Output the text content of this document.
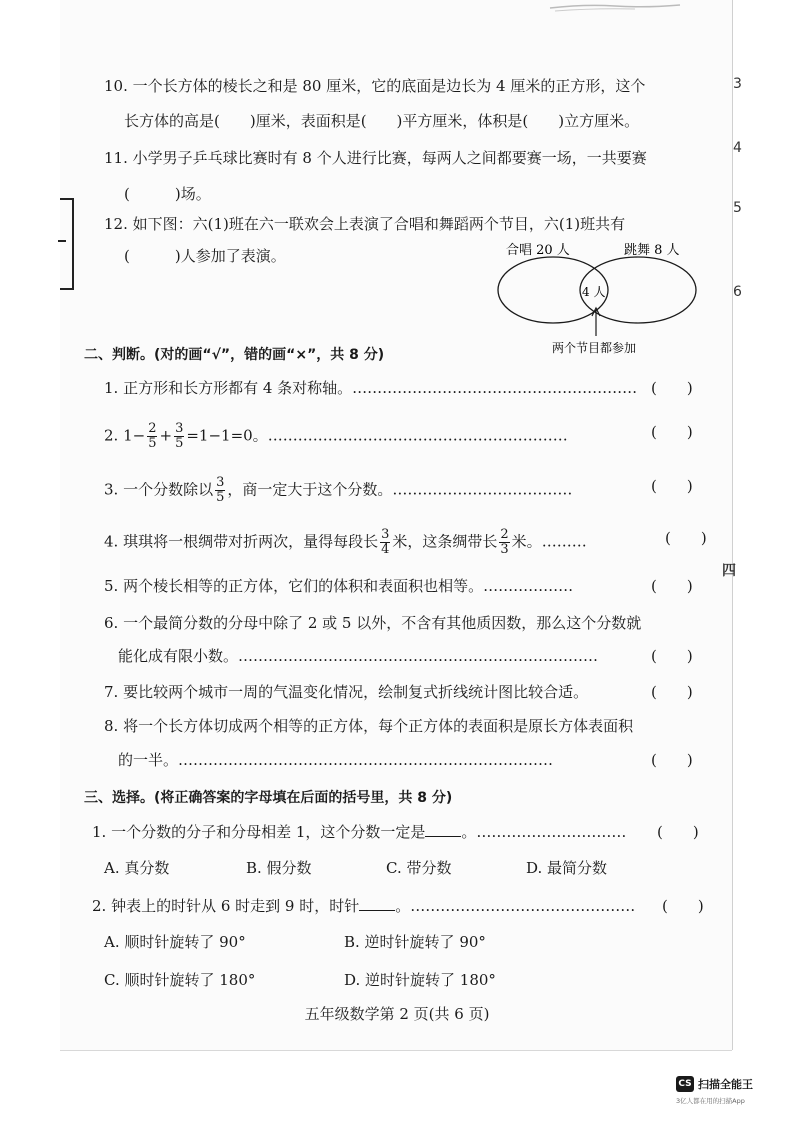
10. 一个长方体的棱长之和是 80 厘米，它的底面是边长为 4 厘米的正方形，这个
长方体的高是(　　)厘米，表面积是(　　)平方厘米，体积是(　　)立方厘米。
11. 小学男子乒乓球比赛时有 8 个人进行比赛，每两人之间都要赛一场，一共要赛
(　　　)场。
12. 如下图：六(1)班在六一联欢会上表演了合唱和舞蹈两个节目，六(1)班共有
(　　　)人参加了表演。	合唱 20 人	跳舞 8 人
4 人
两个节目都参加
二、判断。(对的画“√”，错的画“×”，共 8 分)
1. 正方形和长方形都有 4 条对称轴。………………………………………………… (　　)
2. $1- \frac{2}{5} + \frac{3}{5} =1-1=0$。……………………………………………………	(　　)
3. 一个分数除以 $\frac{3}{5}$ ，商一定大于这个分数。………………………………	(　　)
4. 琪琪将一根绸带对折两次，量得每段长 $\frac{3}{4}$ 米，这条绸带长 $\frac{2}{3}$ 米。………	(　　)
5. 两个棱长相等的正方体，它们的体积和表面积也相等。………………	(　　)
6. 一个最简分数的分母中除了 2 或 5 以外，不含有其他质因数，那么这个分数就
能化成有限小数。………………………………………………………………	(　　)
7. 要比较两个城市一周的气温变化情况，绘制复式折线统计图比较合适。	(　　)
8. 将一个长方体切成两个相等的正方体，每个正方体的表面积是原长方体表面积
的一半。…………………………………………………………………	(　　)
三、选择。(将正确答案的字母填在后面的括号里，共 8 分)
1. 一个分数的分子和分母相差 1，这个分数一定是 。………………………… (　　)
A. 真分数	B. 假分数	C. 带分数	D. 最简分数
2. 钟表上的时针从 6 时走到 9 时，时针 。……………………………………… (　　)
A. 顺时针旋转了 90°	B. 逆时针旋转了 90°
C. 顺时针旋转了 180°	D. 逆时针旋转了 180°
五年级数学第 2 页(共 6 页)
3
4
5
6
四
CS 扫描全能王
3亿人都在用的扫描App
